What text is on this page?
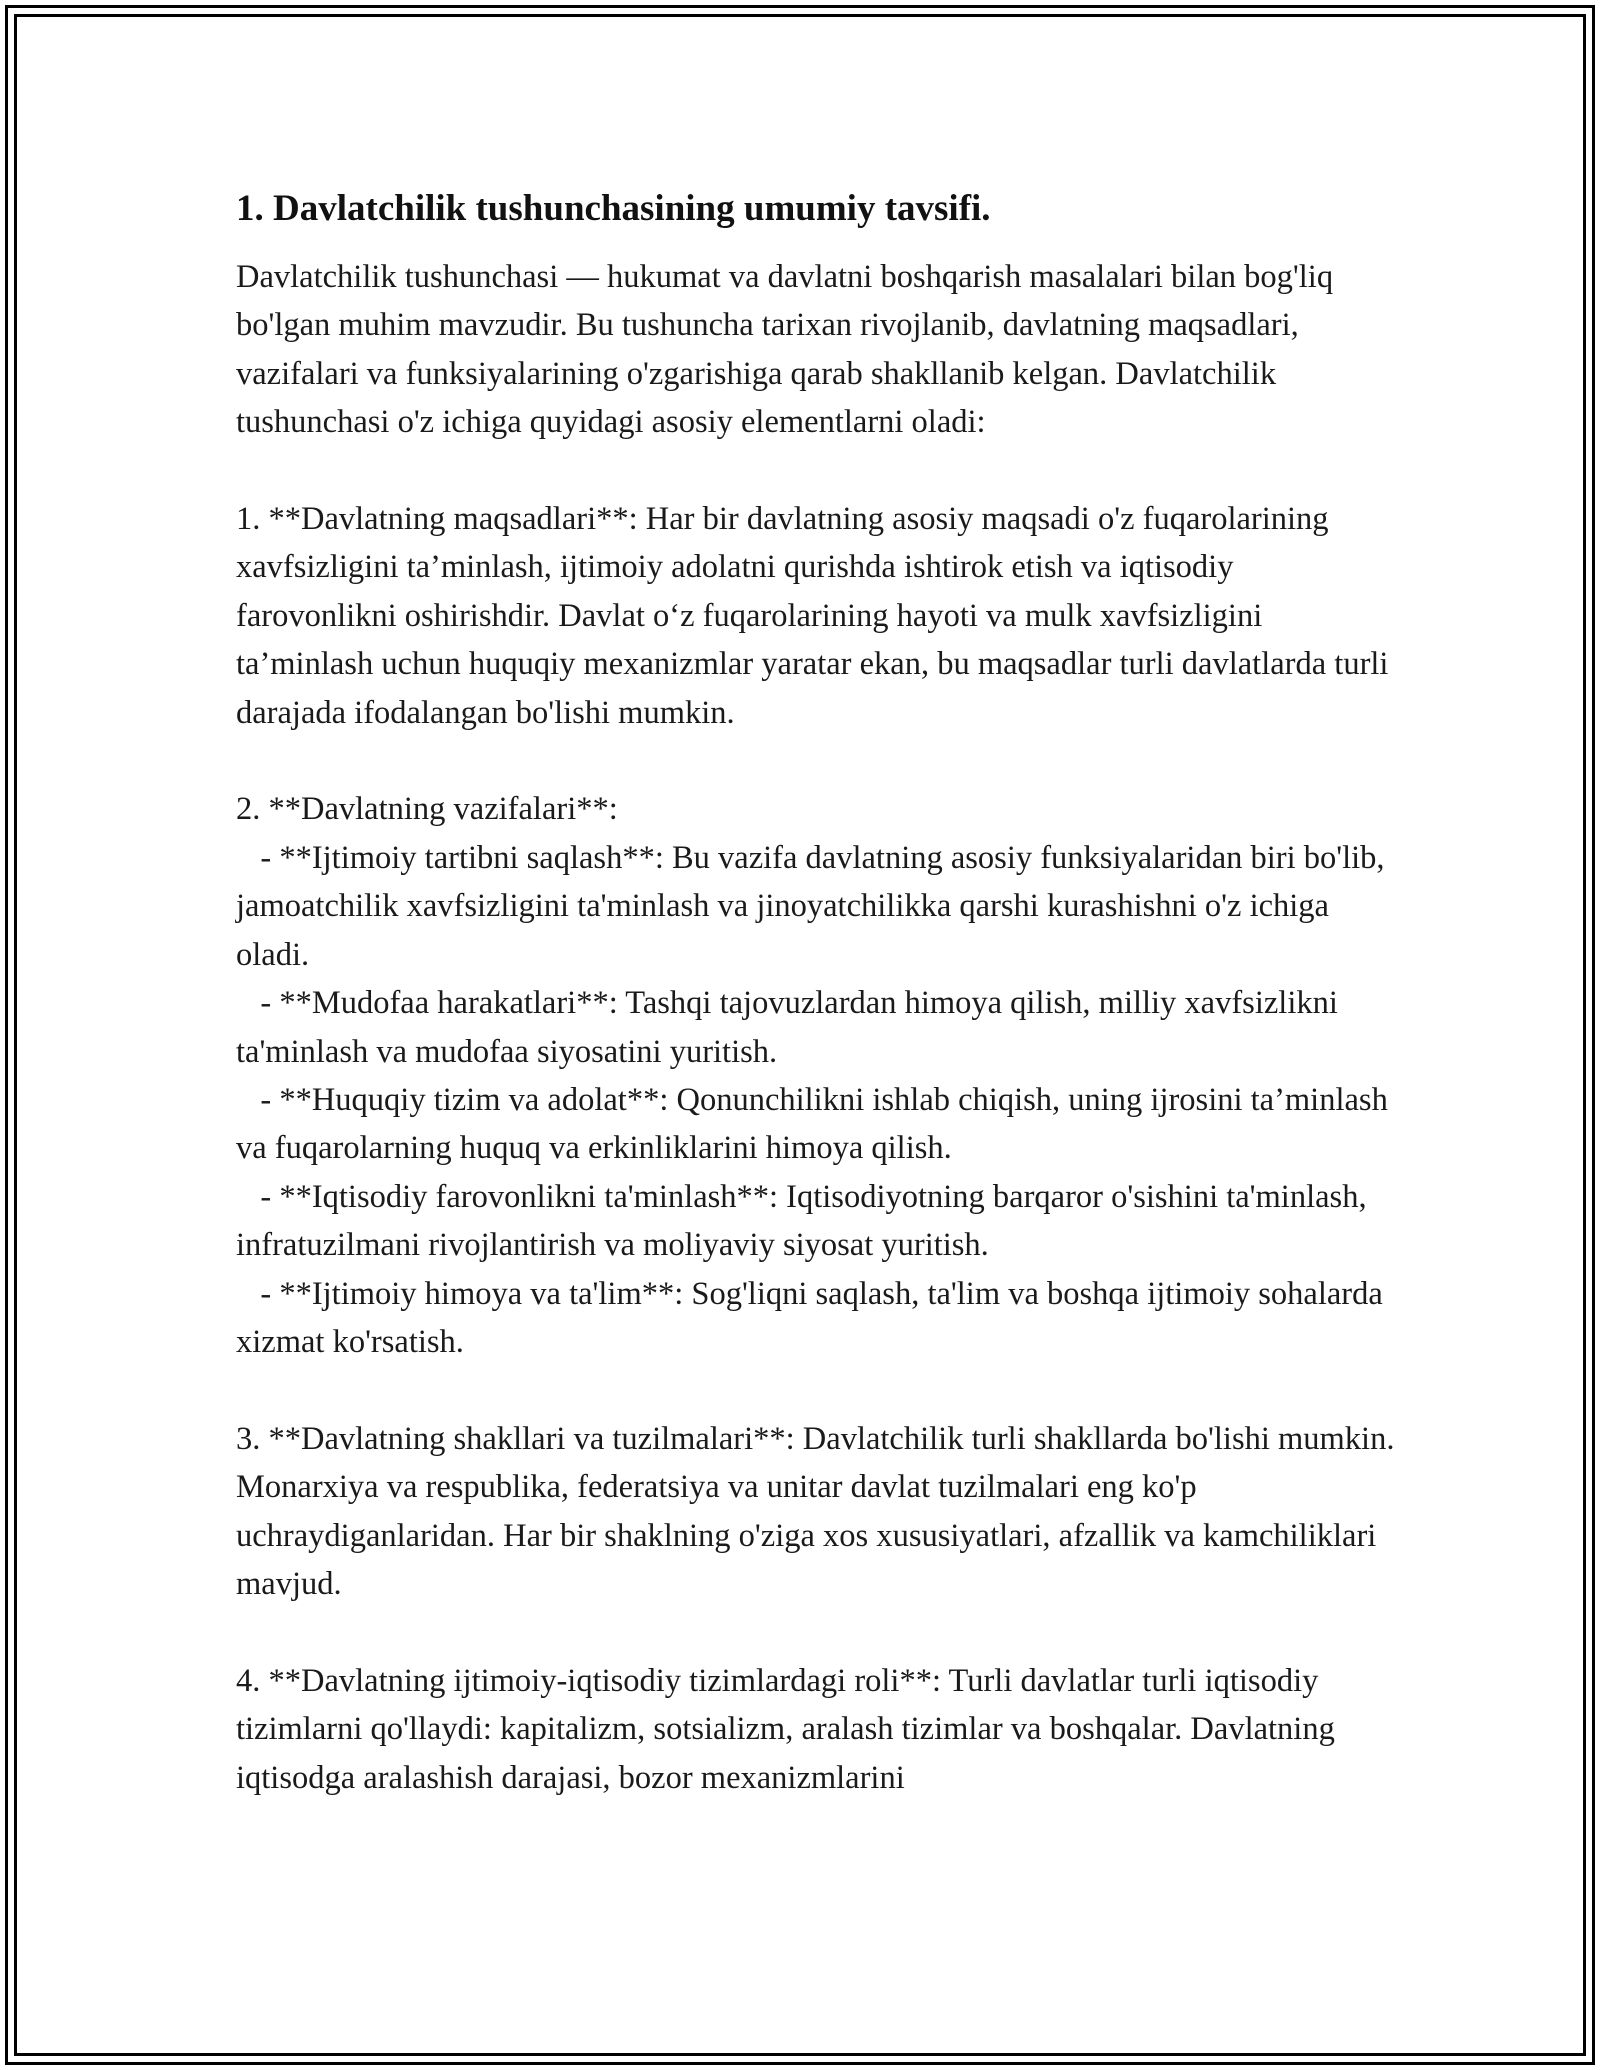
1. Davlatchilik tushunchasining umumiy tavsifi.

Davlatchilik tushunchasi — hukumat va davlatni boshqarish masalalari bilan bog'liq bo'lgan muhim mavzudir. Bu tushuncha tarixan rivojlanib, davlatning maqsadlari, vazifalari va funksiyalarining o'zgarishiga qarab shakllanib kelgan. Davlatchilik tushunchasi o'z ichiga quyidagi asosiy elementlarni oladi:

1. **Davlatning maqsadlari**: Har bir davlatning asosiy maqsadi o'z fuqarolarining xavfsizligini ta’minlash, ijtimoiy adolatni qurishda ishtirok etish va iqtisodiy farovonlikni oshirishdir. Davlat o‘z fuqarolarining hayoti va mulk xavfsizligini ta’minlash uchun huquqiy mexanizmlar yaratar ekan, bu maqsadlar turli davlatlarda turli darajada ifodalangan bo'lishi mumkin.

2. **Davlatning vazifalari**:
- **Ijtimoiy tartibni saqlash**: Bu vazifa davlatning asosiy funksiyalaridan biri bo'lib, jamoatchilik xavfsizligini ta'minlash va jinoyatchilikka qarshi kurashishni o'z ichiga oladi.
- **Mudofaa harakatlari**: Tashqi tajovuzlardan himoya qilish, milliy xavfsizlikni ta'minlash va mudofaa siyosatini yuritish.
- **Huquqiy tizim va adolat**: Qonunchilikni ishlab chiqish, uning ijrosini ta’minlash va fuqarolarning huquq va erkinliklarini himoya qilish.
- **Iqtisodiy farovonlikni ta'minlash**: Iqtisodiyotning barqaror o'sishini ta'minlash, infratuzilmani rivojlantirish va moliyaviy siyosat yuritish.
- **Ijtimoiy himoya va ta'lim**: Sog'liqni saqlash, ta'lim va boshqa ijtimoiy sohalarda xizmat ko'rsatish.

3. **Davlatning shakllari va tuzilmalari**: Davlatchilik turli shakllarda bo'lishi mumkin. Monarxiya va respublika, federatsiya va unitar davlat tuzilmalari eng ko'p uchraydiganlaridan. Har bir shaklning o'ziga xos xususiyatlari, afzallik va kamchiliklari mavjud.

4. **Davlatning ijtimoiy-iqtisodiy tizimlardagi roli**: Turli davlatlar turli iqtisodiy tizimlarni qo'llaydi: kapitalizm, sotsializm, aralash tizimlar va boshqalar. Davlatning iqtisodga aralashish darajasi, bozor mexanizmlarini
